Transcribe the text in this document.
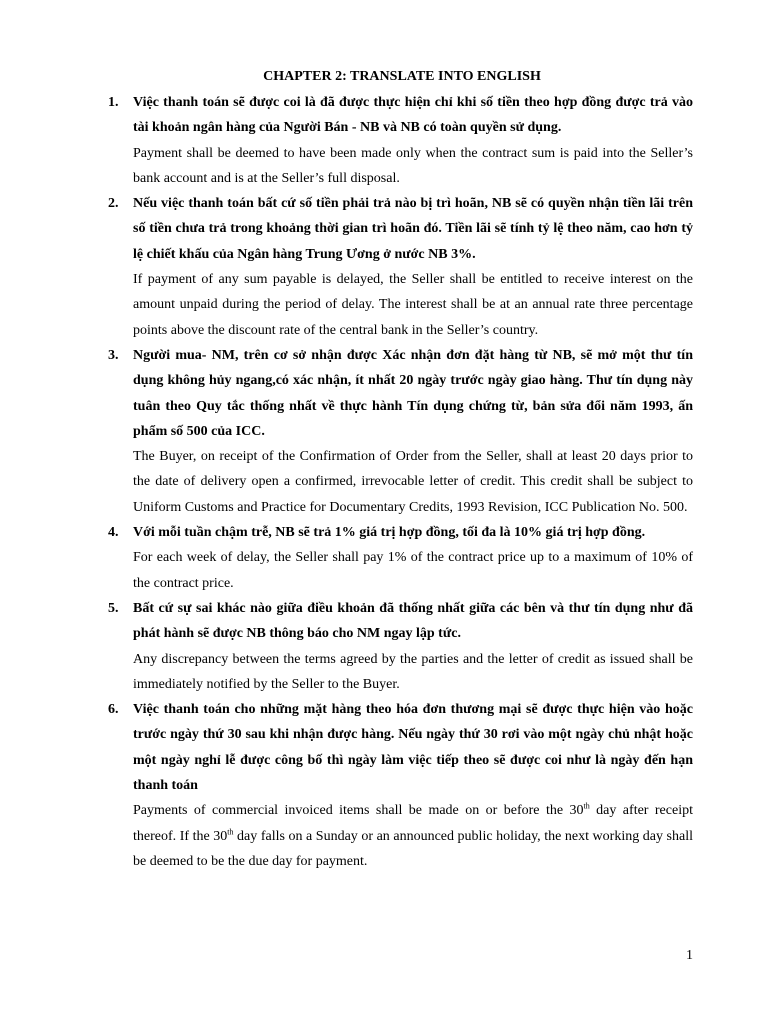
CHAPTER 2: TRANSLATE INTO ENGLISH
1. Việc thanh toán sẽ được coi là đã được thực hiện chỉ khi số tiền theo hợp đồng được trả vào tài khoản ngân hàng của Người Bán - NB và NB có toàn quyền sử dụng.

Payment shall be deemed to have been made only when the contract sum is paid into the Seller’s bank account and is at the Seller’s full disposal.

2. Nếu việc thanh toán bất cứ số tiền phải trả nào bị trì hoãn, NB sẽ có quyền nhận tiền lãi trên số tiền chưa trả trong khoảng thời gian trì hoãn đó. Tiền lãi sẽ tính tỷ lệ theo năm, cao hơn tỷ lệ chiết khấu của Ngân hàng Trung Ương ở nước NB 3%.

If payment of any sum payable is delayed, the Seller shall be entitled to receive interest on the amount unpaid during the period of delay. The interest shall be at an annual rate three percentage points above the discount rate of the central bank in the Seller’s country.

3. Người mua- NM, trên cơ sở nhận được Xác nhận đơn đặt hàng từ NB, sẽ mở một thư tín dụng không hủy ngang,có xác nhận, ít nhất 20 ngày trước ngày giao hàng. Thư tín dụng này tuân theo Quy tắc thống nhất về thực hành Tín dụng chứng từ, bản sửa đổi năm 1993, ấn phẩm số 500 của ICC.

The Buyer, on receipt of the Confirmation of Order from the Seller, shall at least 20 days prior to the date of delivery open a confirmed, irrevocable letter of credit. This credit shall be subject to Uniform Customs and Practice for Documentary Credits, 1993 Revision, ICC Publication No. 500.

4. Với mỗi tuần chậm trễ, NB sẽ trả 1% giá trị hợp đồng, tối đa là 10% giá trị hợp đồng.

For each week of delay, the Seller shall pay 1% of the contract price up to a maximum of 10% of the contract price.

5. Bất cứ sự sai khác nào giữa điều khoản đã thống nhất giữa các bên và thư tín dụng như đã phát hành sẽ được NB thông báo cho NM ngay lập tức.

Any discrepancy between the terms agreed by the parties and the letter of credit as issued shall be immediately notified by the Seller to the Buyer.

6. Việc thanh toán cho những mặt hàng theo hóa đơn thương mại sẽ được thực hiện vào hoặc trước ngày thứ 30 sau khi nhận được hàng. Nếu ngày thứ 30 rơi vào một ngày chủ nhật hoặc một ngày nghỉ lễ được công bố thì ngày làm việc tiếp theo sẽ được coi như là ngày đến hạn thanh toán

Payments of commercial invoiced items shall be made on or before the 30th day after receipt thereof. If the 30th day falls on a Sunday or an announced public holiday, the next working day shall be deemed to be the due day for payment.

1
